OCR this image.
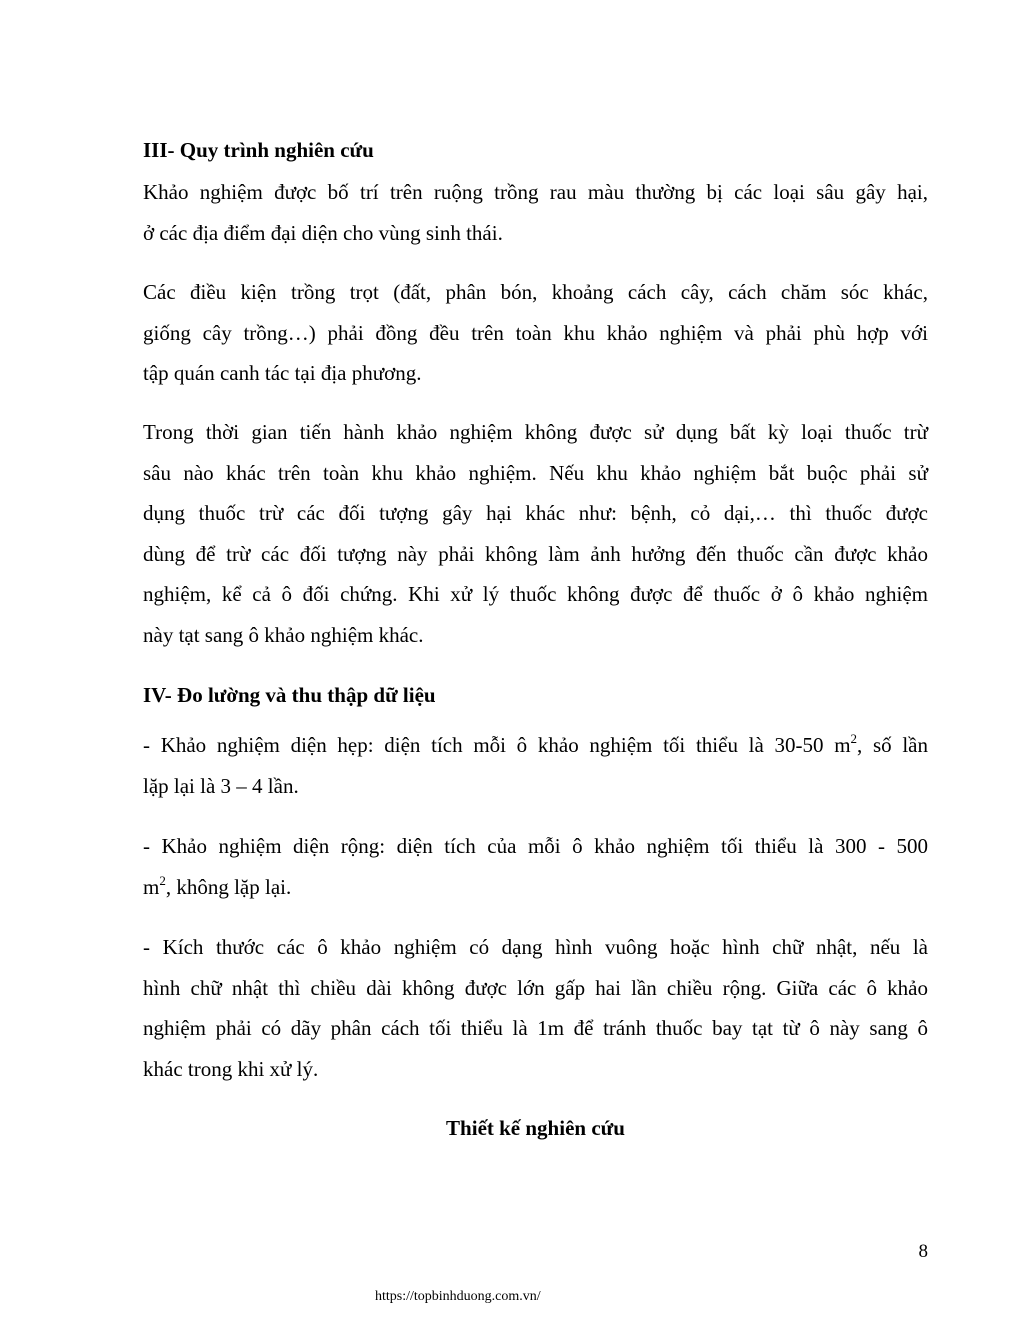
III- Quy trình nghiên cứu

Khảo nghiệm được bố trí trên ruộng trồng rau màu thường bị các loại sâu gây hại,
ở các địa điểm đại diện cho vùng sinh thái.

Các điều kiện trồng trọt (đất, phân bón, khoảng cách cây, cách chăm sóc khác,
giống cây trồng…) phải đồng đều trên toàn khu khảo nghiệm và phải phù hợp với
tập quán canh tác tại địa phương.

Trong thời gian tiến hành khảo nghiệm không được sử dụng bất kỳ loại thuốc trừ
sâu nào khác trên toàn khu khảo nghiệm. Nếu khu khảo nghiệm bắt buộc phải sử
dụng thuốc trừ các đối tượng gây hại khác như: bệnh, cỏ dại,… thì thuốc được
dùng để trừ các đối tượng này phải không làm ảnh hưởng đến thuốc cần được khảo
nghiệm, kể cả ô đối chứng. Khi xử lý thuốc không được để thuốc ở ô khảo nghiệm
này tạt sang ô khảo nghiệm khác.

IV- Đo lường và thu thập dữ liệu

- Khảo nghiệm diện hẹp: diện tích mỗi ô khảo nghiệm tối thiểu là 30-50 $m^2$, số lần
lặp lại là 3 – 4 lần.

- Khảo nghiệm diện rộng: diện tích của mỗi ô khảo nghiệm tối thiểu là 300 - 500
$m^2$, không lặp lại.

- Kích thước các ô khảo nghiệm có dạng hình vuông hoặc hình chữ nhật, nếu là
hình chữ nhật thì chiều dài không được lớn gấp hai lần chiều rộng. Giữa các ô khảo
nghiệm phải có dãy phân cách tối thiểu là 1m để tránh thuốc bay tạt từ ô này sang ô
khác trong khi xử lý.

Thiết kế nghiên cứu
8
https://topbinhduong.com.vn/
